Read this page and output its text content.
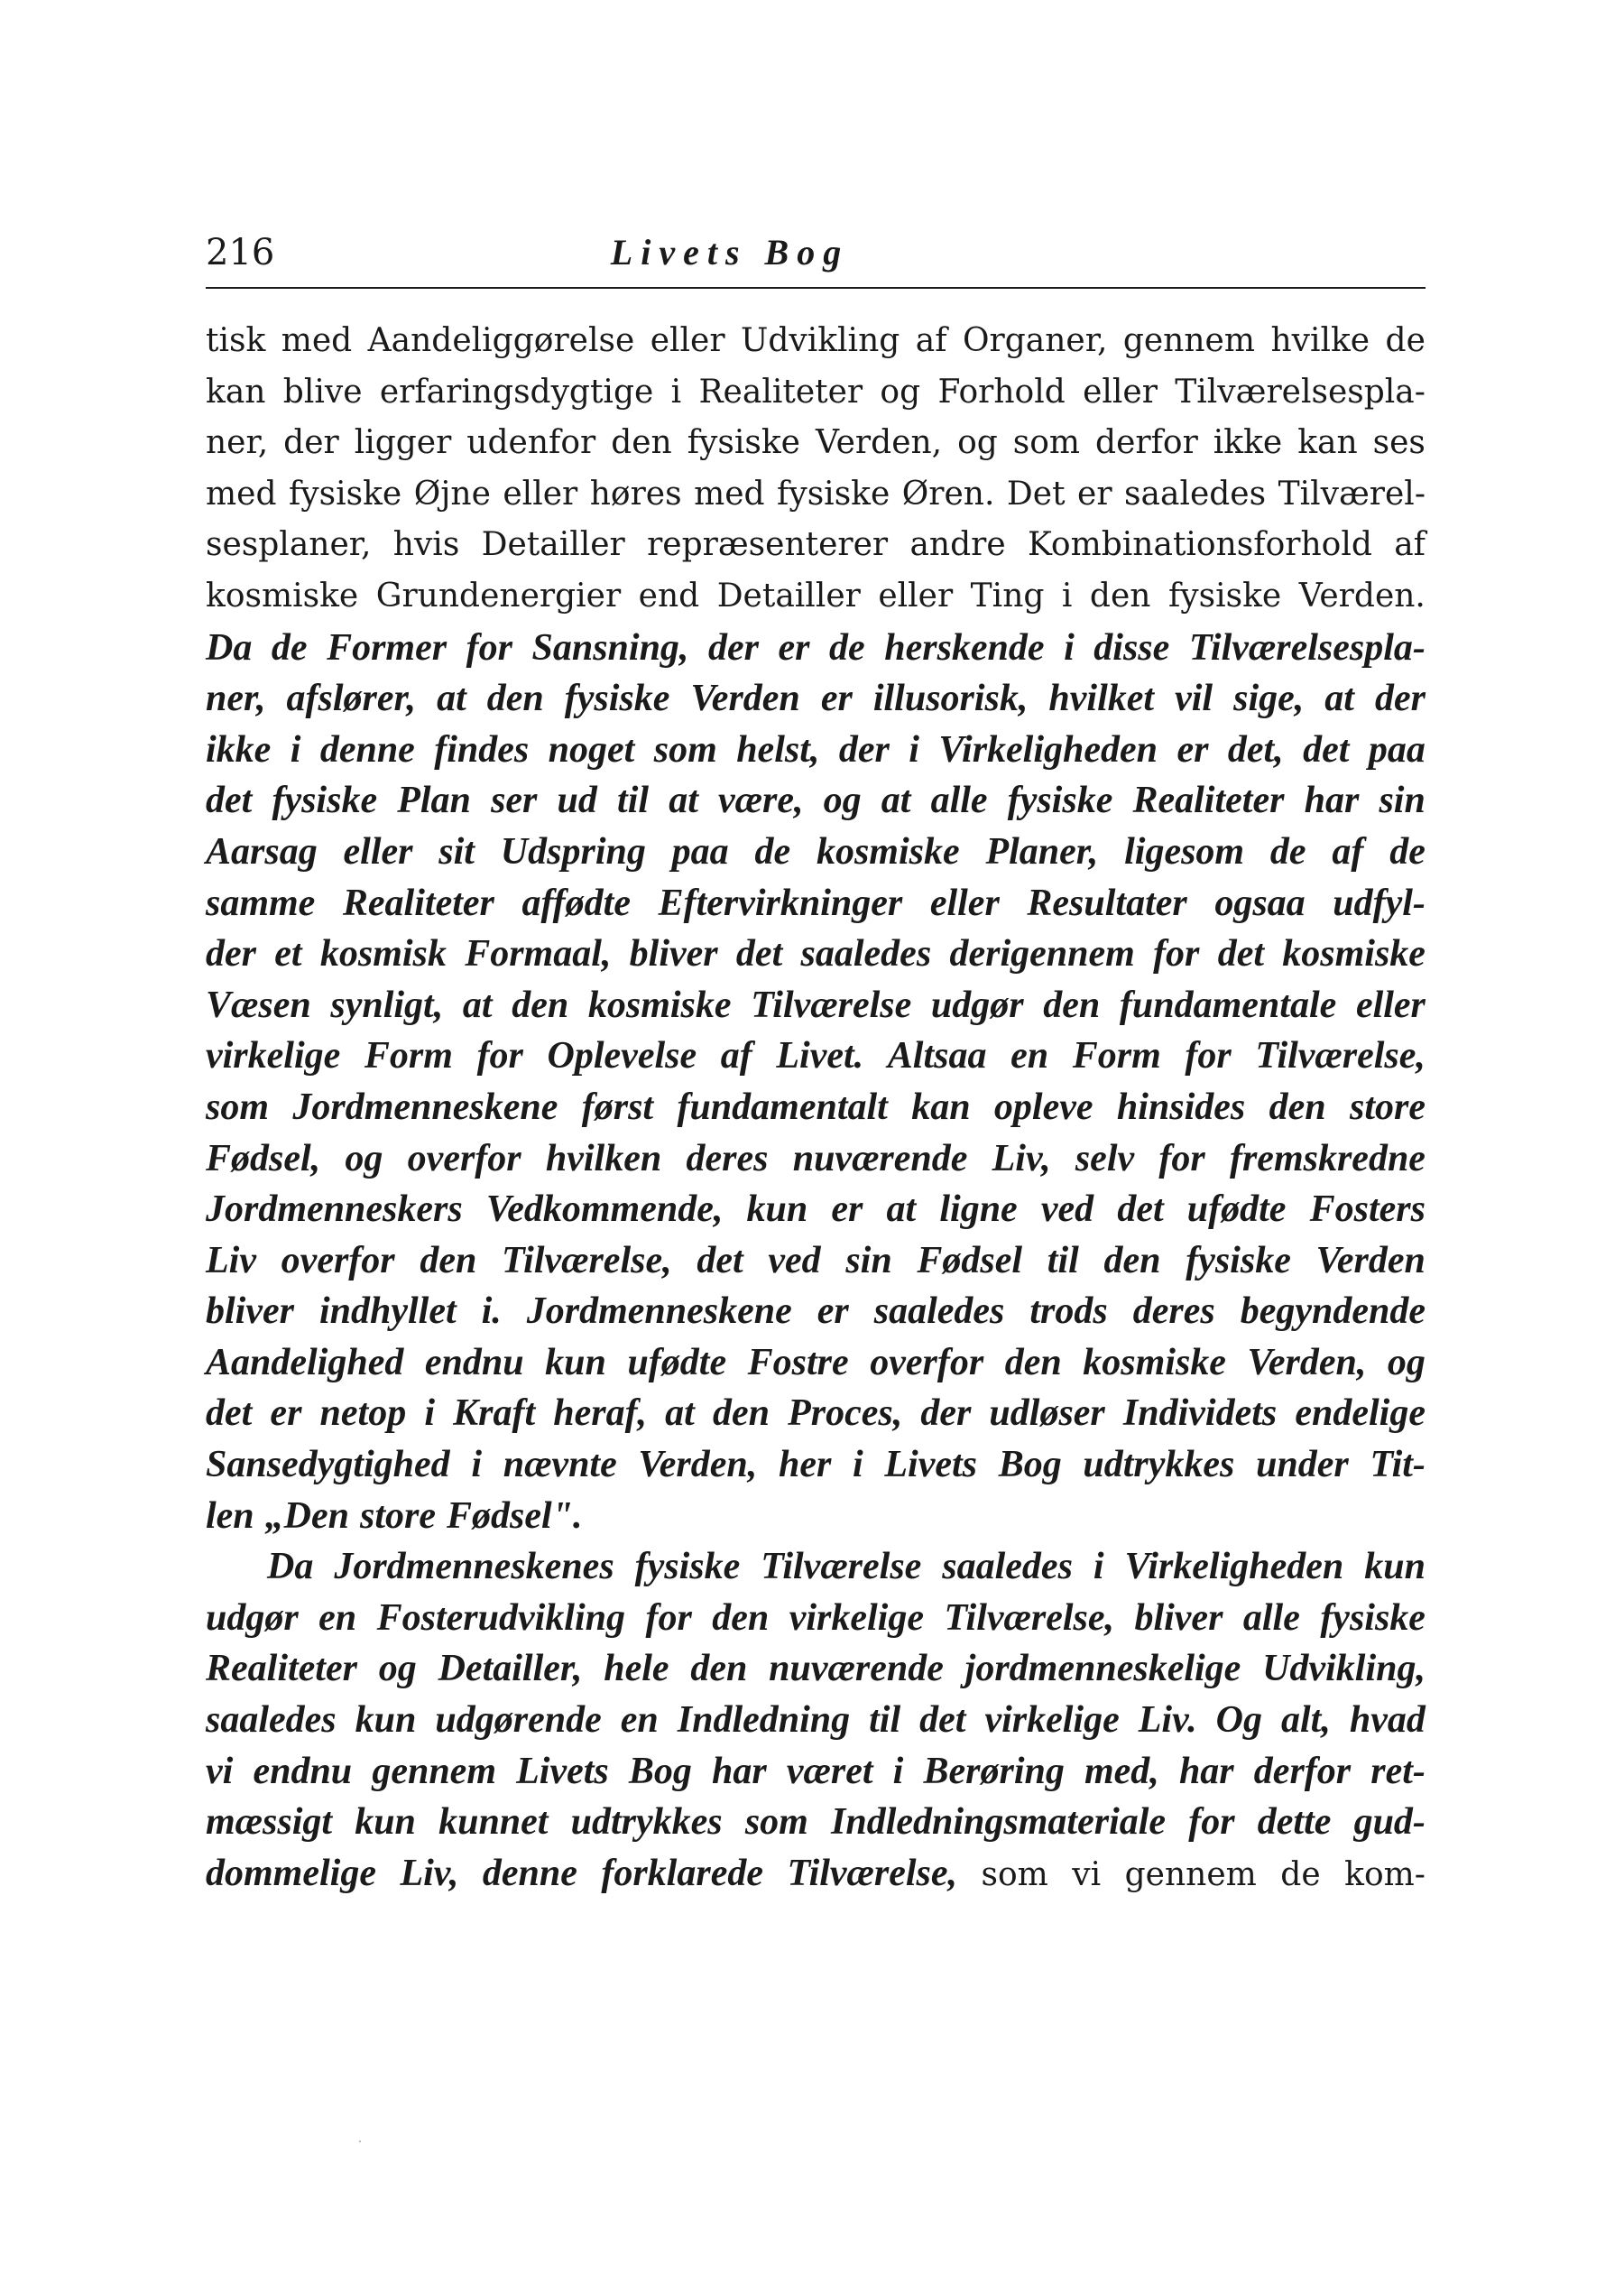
216	Livets Bog
tisk med Aandeliggørelse eller Udvikling af Organer, gennem hvilke de
kan blive erfaringsdygtige i Realiteter og Forhold eller Tilværelsespla-
ner, der ligger udenfor den fysiske Verden, og som derfor ikke kan ses
med fysiske Øjne eller høres med fysiske Øren. Det er saaledes Tilværel-
sesplaner, hvis Detailler repræsenterer andre Kombinationsforhold af
kosmiske Grundenergier end Detailler eller Ting i den fysiske Verden.
Da de Former for Sansning, der er de herskende i disse Tilværelsespla-
ner, afslører, at den fysiske Verden er illusorisk, hvilket vil sige, at der
ikke i denne findes noget som helst, der i Virkeligheden er det, det paa
det fysiske Plan ser ud til at være, og at alle fysiske Realiteter har sin
Aarsag eller sit Udspring paa de kosmiske Planer, ligesom de af de
samme Realiteter affødte Eftervirkninger eller Resultater ogsaa udfyl-
der et kosmisk Formaal, bliver det saaledes derigennem for det kosmiske
Væsen synligt, at den kosmiske Tilværelse udgør den fundamentale eller
virkelige Form for Oplevelse af Livet. Altsaa en Form for Tilværelse,
som Jordmenneskene først fundamentalt kan opleve hinsides den store
Fødsel, og overfor hvilken deres nuværende Liv, selv for fremskredne
Jordmenneskers Vedkommende, kun er at ligne ved det ufødte Fosters
Liv overfor den Tilværelse, det ved sin Fødsel til den fysiske Verden
bliver indhyllet i. Jordmenneskene er saaledes trods deres begyndende
Aandelighed endnu kun ufødte Fostre overfor den kosmiske Verden, og
det er netop i Kraft heraf, at den Proces, der udløser Individets endelige
Sansedygtighed i nævnte Verden, her i Livets Bog udtrykkes under Tit-
len „Den store Fødsel".
Da Jordmenneskenes fysiske Tilværelse saaledes i Virkeligheden kun
udgør en Fosterudvikling for den virkelige Tilværelse, bliver alle fysiske
Realiteter og Detailler, hele den nuværende jordmenneskelige Udvikling,
saaledes kun udgørende en Indledning til det virkelige Liv. Og alt, hvad
vi endnu gennem Livets Bog har været i Berøring med, har derfor ret-
mæssigt kun kunnet udtrykkes som Indledningsmateriale for dette gud-
dommelige Liv, denne forklarede Tilværelse, som vi gennem de kom-
